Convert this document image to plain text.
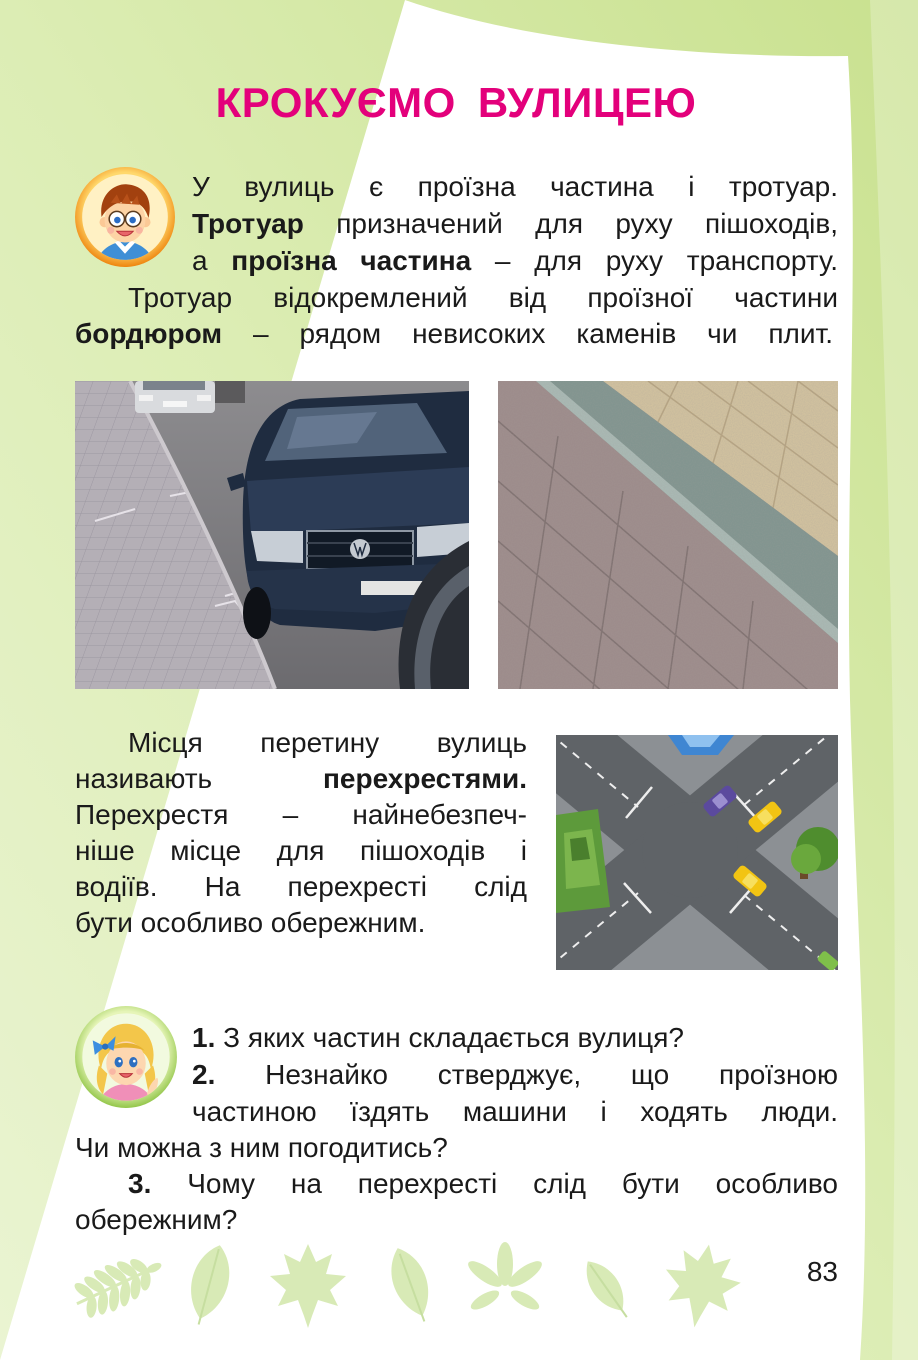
КРОКУЄМО ВУЛИЦЕЮ
У вулиць є проїзна частина і тротуар.
Тротуар призначений для руху пішоходів,
а проїзна частина – для руху транспорту.
Тротуар відокремлений від проїзної частини
бордюром – рядом невисоких каменів чи плит.
Місця перетину вулиць
називають перехрестями.
Перехрестя – найнебезпеч-
ніше місце для пішоходів і
водіїв. На перехресті слід
бути особливо обережним.
1. З яких частин складається вулиця?
2. Незнайко стверджує, що проїзною
частиною їздять машини і ходять люди.
Чи можна з ним погодитись?
3. Чому на перехресті слід бути особливо
обережним?
83
